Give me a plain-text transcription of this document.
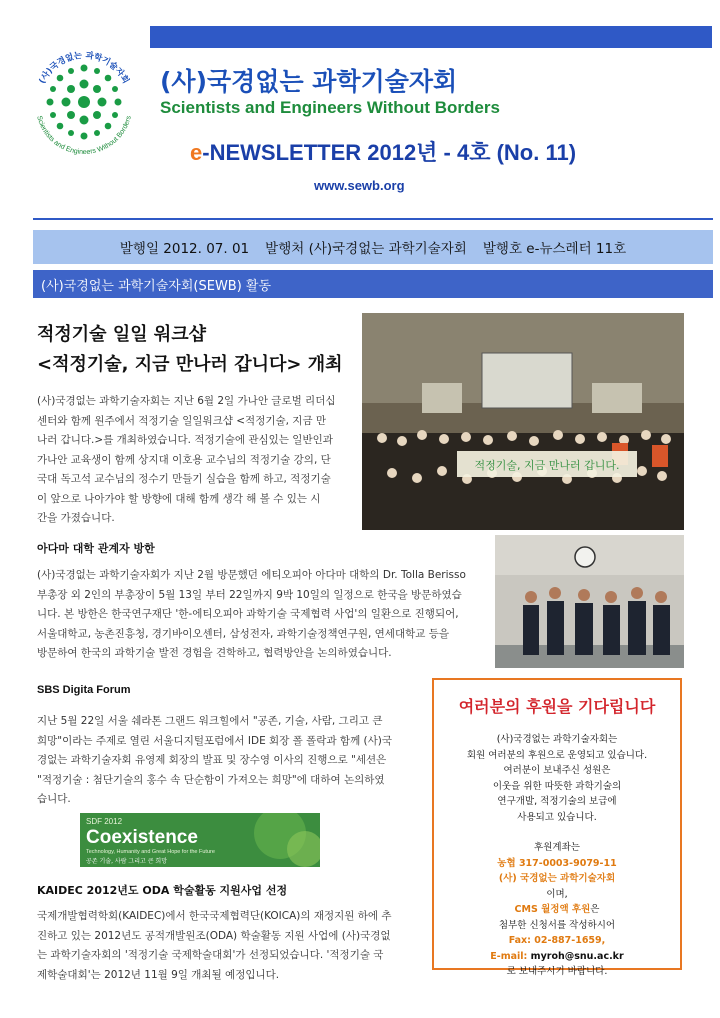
(사)국경없는 과학기술자회
Scientists and Engineers Without Borders
(사)국경없는 과학기술자회
Scientists and Engineers Without Borders
e-NEWSLETTER 2012년 - 4호 (No. 11)
www.sewb.org
발행일 2012. 07. 01 발행처 (사)국경없는 과학기술자회 발행호 e-뉴스레터 11호
(사)국경없는 과학기술자회(SEWB) 활동
적정기술 일일 워크샵
<적정기술, 지금 만나러 갑니다> 개최
(사)국경없는 과학기술자회는 지난 6월 2일 가나안 글로벌 리더십
센터와 함께 원주에서 적정기술 일일워크샵 <적정기술, 지금 만
나러 갑니다.>를 개최하였습니다. 적정기술에 관심있는 일반인과
가나안 교육생이 함께 상지대 이호용 교수님의 적정기술 강의, 단
국대 독고석 교수님의 정수기 만들기 실습을 함께 하고, 적정기술
이 앞으로 나아가야 할 방향에 대해 함께 생각 해 볼 수 있는 시
간을 가졌습니다.
적정기술, 지금 만나러 갑니다.
아다마 대학 관계자 방한
(사)국경없는 과학기술자회가 지난 2월 방문했던 에티오피아 아다마 대학의 Dr. Tolla Berisso
부총장 외 2인의 부총장이 5월 13일 부터 22일까지 9박 10일의 일정으로 한국을 방문하였습
니다. 본 방한은 한국연구재단 '한-에티오피아 과학기술 국제협력 사업'의 일환으로 진행되어,
서울대학교, 농촌진흥청, 경기바이오센터, 삼성전자, 과학기술정책연구원, 연세대학교 등을
방문하여 한국의 과학기술 발전 경험을 견학하고, 협력방안을 논의하였습니다.
SBS Digita Forum
지난 5월 22일 서울 쉐라톤 그랜드 워크힐에서 "공존, 기술, 사람, 그리고 큰
희망"이라는 주제로 열린 서울디지털포럼에서 IDE 회장 폴 폴락과 함께 (사)국
경없는 과학기술자회 유영제 회장의 발표 및 장수영 이사의 진행으로 "세션은
"적정기술 : 첨단기술의 홍수 속 단순함이 가져오는 희망"에 대하여 논의하였
습니다.
SDF 2012
Coexistence
Technology, Humanity and Great Hope for the Future
공존 기술, 사람 그리고 큰 희망
KAIDEC 2012년도 ODA 학술활동 지원사업 선정
국제개발협력학회(KAIDEC)에서 한국국제협력단(KOICA)의 재정지원 하에 추
진하고 있는 2012년도 공적개발원조(ODA) 학술활동 지원 사업에 (사)국경없
는 과학기술자회의 '적정기술 국제학술대회'가 선정되었습니다. '적정기술 국
제학술대회'는 2012년 11월 9일 개최될 예정입니다.
여러분의 후원을 기다립니다
(사)국경없는 과학기술자회는
회원 여러분의 후원으로 운영되고 있습니다.
여러분이 보내주신 성원은
이웃을 위한 따뜻한 과학기술의
연구개발, 적정기술의 보급에
사용되고 있습니다.
후원계좌는
농협 317-0003-9079-11
(사) 국경없는 과학기술자회
이며,
CMS 월정액 후원은
첨부한 신청서를 작성하시어
Fax: 02-887-1659,
E-mail: myroh@snu.ac.kr
로 보내주시기 바랍니다.
